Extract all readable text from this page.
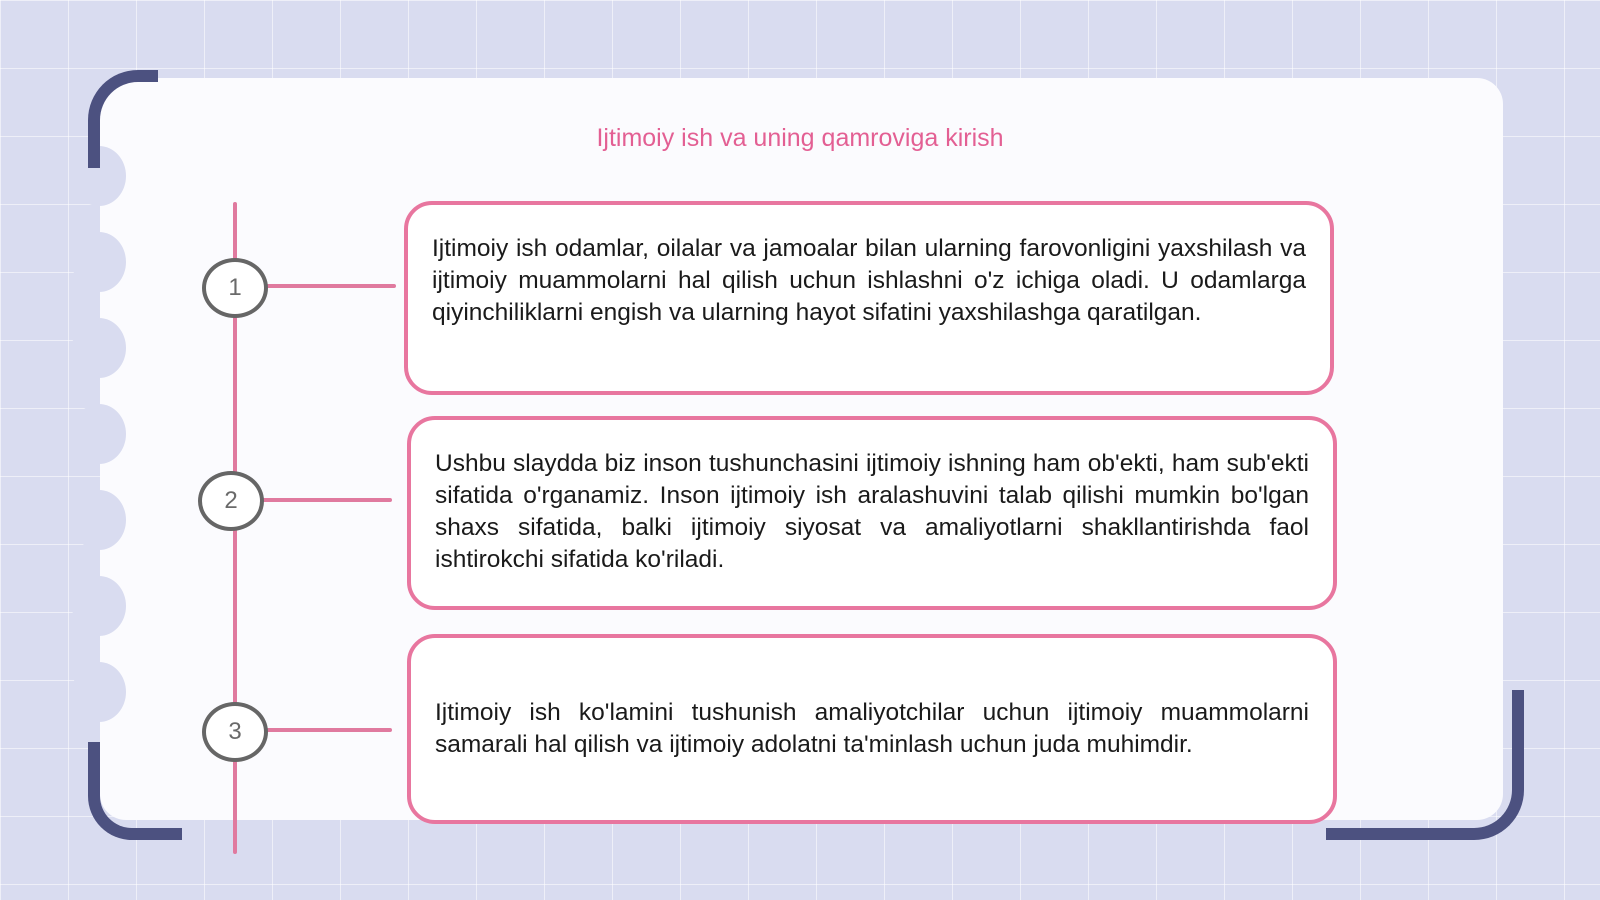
Ijtimoiy ish va uning qamroviga kirish
1
2
3

Ijtimoiy ish odamlar, oilalar va jamoalar bilan ularning farovonligini yaxshilash va ijtimoiy muammolarni hal qilish uchun ishlashni o'z ichiga oladi. U odamlarga qiyinchiliklarni engish va ularning hayot sifatini yaxshilashga qaratilgan.

Ushbu slaydda biz inson tushunchasini ijtimoiy ishning ham ob'ekti, ham sub'ekti sifatida o'rganamiz. Inson ijtimoiy ish aralashuvini talab qilishi mumkin bo'lgan shaxs sifatida, balki ijtimoiy siyosat va amaliyotlarni shakllantirishda faol ishtirokchi sifatida ko'riladi.

Ijtimoiy ish ko'lamini tushunish amaliyotchilar uchun ijtimoiy muammolarni samarali hal qilish va ijtimoiy adolatni ta'minlash uchun juda muhimdir.
